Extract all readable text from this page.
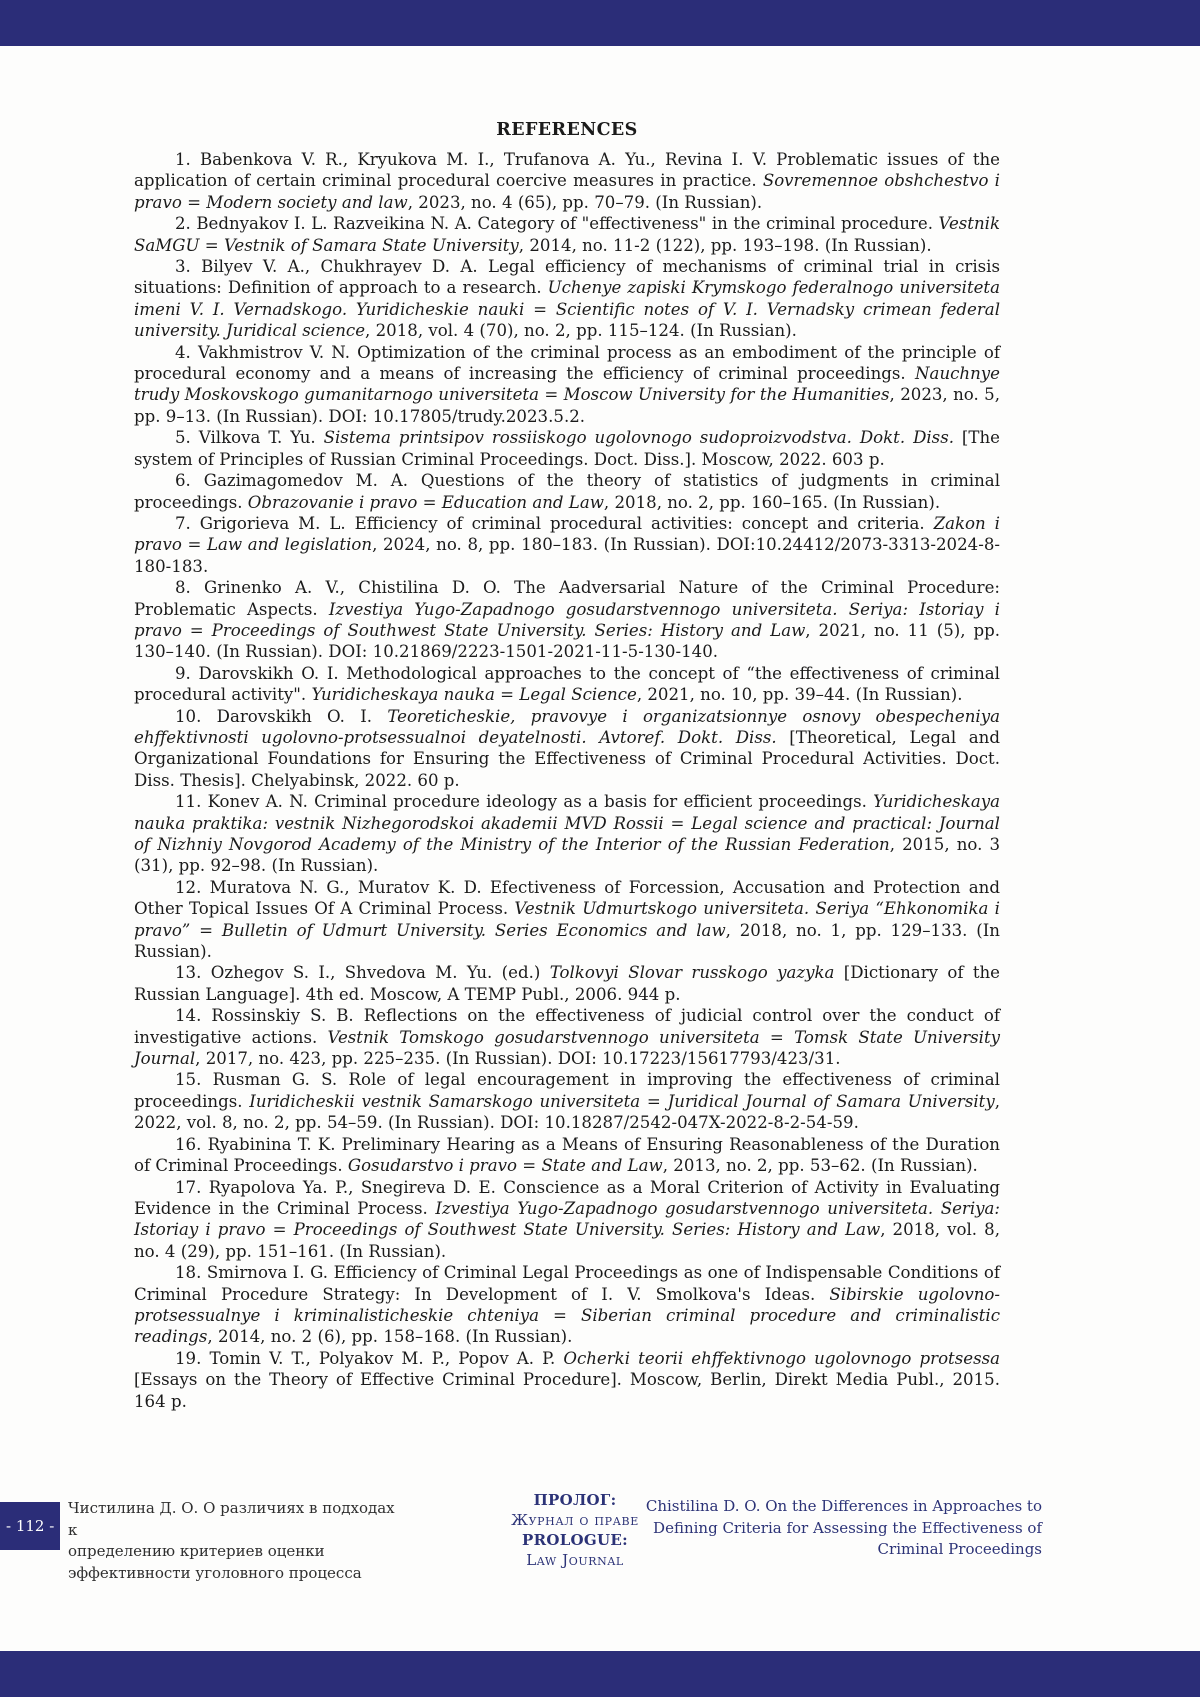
REFERENCES

1. Babenkova V. R., Kryukova M. I., Trufanova A. Yu., Revina I. V. Problematic issues of the application of certain criminal procedural coercive measures in practice. Sovremennoe obshchestvo i pravo = Modern society and law, 2023, no. 4 (65), pp. 70–79. (In Russian).

2. Bednyakov I. L. Razveikina N. A. Category of "effectiveness" in the criminal procedure. Vestnik SaMGU = Vestnik of Samara State University, 2014, no. 11-2 (122), pp. 193–198. (In Russian).

3. Bilyev V. A., Chukhrayev D. A. Legal efficiency of mechanisms of criminal trial in crisis situations: Definition of approach to a research. Uchenye zapiski Krymskogo federalnogo universiteta imeni V. I. Vernadskogo. Yuridicheskie nauki = Scientific notes of V. I. Vernadsky crimean federal university. Juridical science, 2018, vol. 4 (70), no. 2, pp. 115–124. (In Russian).

4. Vakhmistrov V. N. Optimization of the criminal process as an embodiment of the principle of procedural economy and a means of increasing the efficiency of criminal proceedings. Nauchnye trudy Moskovskogo gumanitarnogo universiteta = Moscow University for the Humanities, 2023, no. 5, pp. 9–13. (In Russian). DOI: 10.17805/trudy.2023.5.2.

5. Vilkova T. Yu. Sistema printsipov rossiiskogo ugolovnogo sudoproizvodstva. Dokt. Diss. [The system of Principles of Russian Criminal Proceedings. Doct. Diss.]. Moscow, 2022. 603 p.

6. Gazimagomedov M. A. Questions of the theory of statistics of judgments in criminal proceedings. Obrazovanie i pravo = Education and Law, 2018, no. 2, pp. 160–165. (In Russian).

7. Grigorieva M. L. Efficiency of criminal procedural activities: concept and criteria. Zakon i pravo = Law and legislation, 2024, no. 8, pp. 180–183. (In Russian). DOI:10.24412/2073-3313-2024-8-180-183.

8. Grinenko A. V., Chistilina D. O. The Aadversarial Nature of the Criminal Procedure: Problematic Aspects. Izvestiya Yugo-Zapadnogo gosudarstvennogo universiteta. Seriya: Istoriay i pravo = Proceedings of Southwest State University. Series: History and Law, 2021, no. 11 (5), pp. 130–140. (In Russian). DOI: 10.21869/2223-1501-2021-11-5-130-140.

9. Darovskikh O. I. Methodological approaches to the concept of “the effectiveness of criminal procedural activity". Yuridicheskaya nauka = Legal Science, 2021, no. 10, pp. 39–44. (In Russian).

10. Darovskikh O. I. Teoreticheskie, pravovye i organizatsionnye osnovy obespecheniya ehffektivnosti ugolovno-protsessualnoi deyatelnosti. Avtoref. Dokt. Diss. [Theoretical, Legal and Organizational Foundations for Ensuring the Effectiveness of Criminal Procedural Activities. Doct. Diss. Thesis]. Chelyabinsk, 2022. 60 p.

11. Konev A. N. Criminal procedure ideology as a basis for efficient proceedings. Yuridicheskaya nauka praktika: vestnik Nizhegorodskoi akademii MVD Rossii = Legal science and practical: Journal of Nizhniy Novgorod Academy of the Ministry of the Interior of the Russian Federation, 2015, no. 3 (31), pp. 92–98. (In Russian).

12. Muratova N. G., Muratov K. D. Efectiveness of Forcession, Accusation and Protection and Other Topical Issues Of A Criminal Process. Vestnik Udmurtskogo universiteta. Seriya “Ehkonomika i pravo” = Bulletin of Udmurt University. Series Economics and law, 2018, no. 1, pp. 129–133. (In Russian).

13. Ozhegov S. I., Shvedova M. Yu. (ed.) Tolkovyi Slovar russkogo yazyka [Dictionary of the Russian Language]. 4th ed. Moscow, A TEMP Publ., 2006. 944 p.

14. Rossinskiy S. B. Reflections on the effectiveness of judicial control over the conduct of investigative actions. Vestnik Tomskogo gosudarstvennogo universiteta = Tomsk State University Journal, 2017, no. 423, pp. 225–235. (In Russian). DOI: 10.17223/15617793/423/31.

15. Rusman G. S. Role of legal encouragement in improving the effectiveness of criminal proceedings. Iuridicheskii vestnik Samarskogo universiteta = Juridical Journal of Samara University, 2022, vol. 8, no. 2, pp. 54–59. (In Russian). DOI: 10.18287/2542-047X-2022-8-2-54-59.

16. Ryabinina T. K. Preliminary Hearing as a Means of Ensuring Reasonableness of the Duration of Criminal Proceedings. Gosudarstvo i pravo = State and Law, 2013, no. 2, pp. 53–62. (In Russian).

17. Ryapolova Ya. P., Snegireva D. E. Conscience as a Moral Criterion of Activity in Evaluating Evidence in the Criminal Process. Izvestiya Yugo-Zapadnogo gosudarstvennogo universiteta. Seriya: Istoriay i pravo = Proceedings of Southwest State University. Series: History and Law, 2018, vol. 8, no. 4 (29), pp. 151–161. (In Russian).

18. Smirnova I. G. Efficiency of Criminal Legal Proceedings as one of Indispensable Conditions of Criminal Procedure Strategy: In Development of I. V. Smolkova's Ideas. Sibirskie ugolovno-protsessualnye i kriminalisticheskie chteniya = Siberian criminal procedure and criminalistic readings, 2014, no. 2 (6), pp. 158–168. (In Russian).

19. Tomin V. T., Polyakov M. P., Popov A. P. Ocherki teorii ehffektivnogo ugolovnogo protsessa [Essays on the Theory of Effective Criminal Procedure]. Moscow, Berlin, Direkt Media Publ., 2015. 164 p.

- 112 -
Чистилина Д. О. О различиях в подходах к
определению критериев оценки
эффективности уголовного процесса
ПРОЛОГ:
Журнал о праве
PROLOGUE:
Law Journal
Chistilina D. O. On the Differences in Approaches to
Defining Criteria for Assessing the Effectiveness of
Criminal Proceedings
